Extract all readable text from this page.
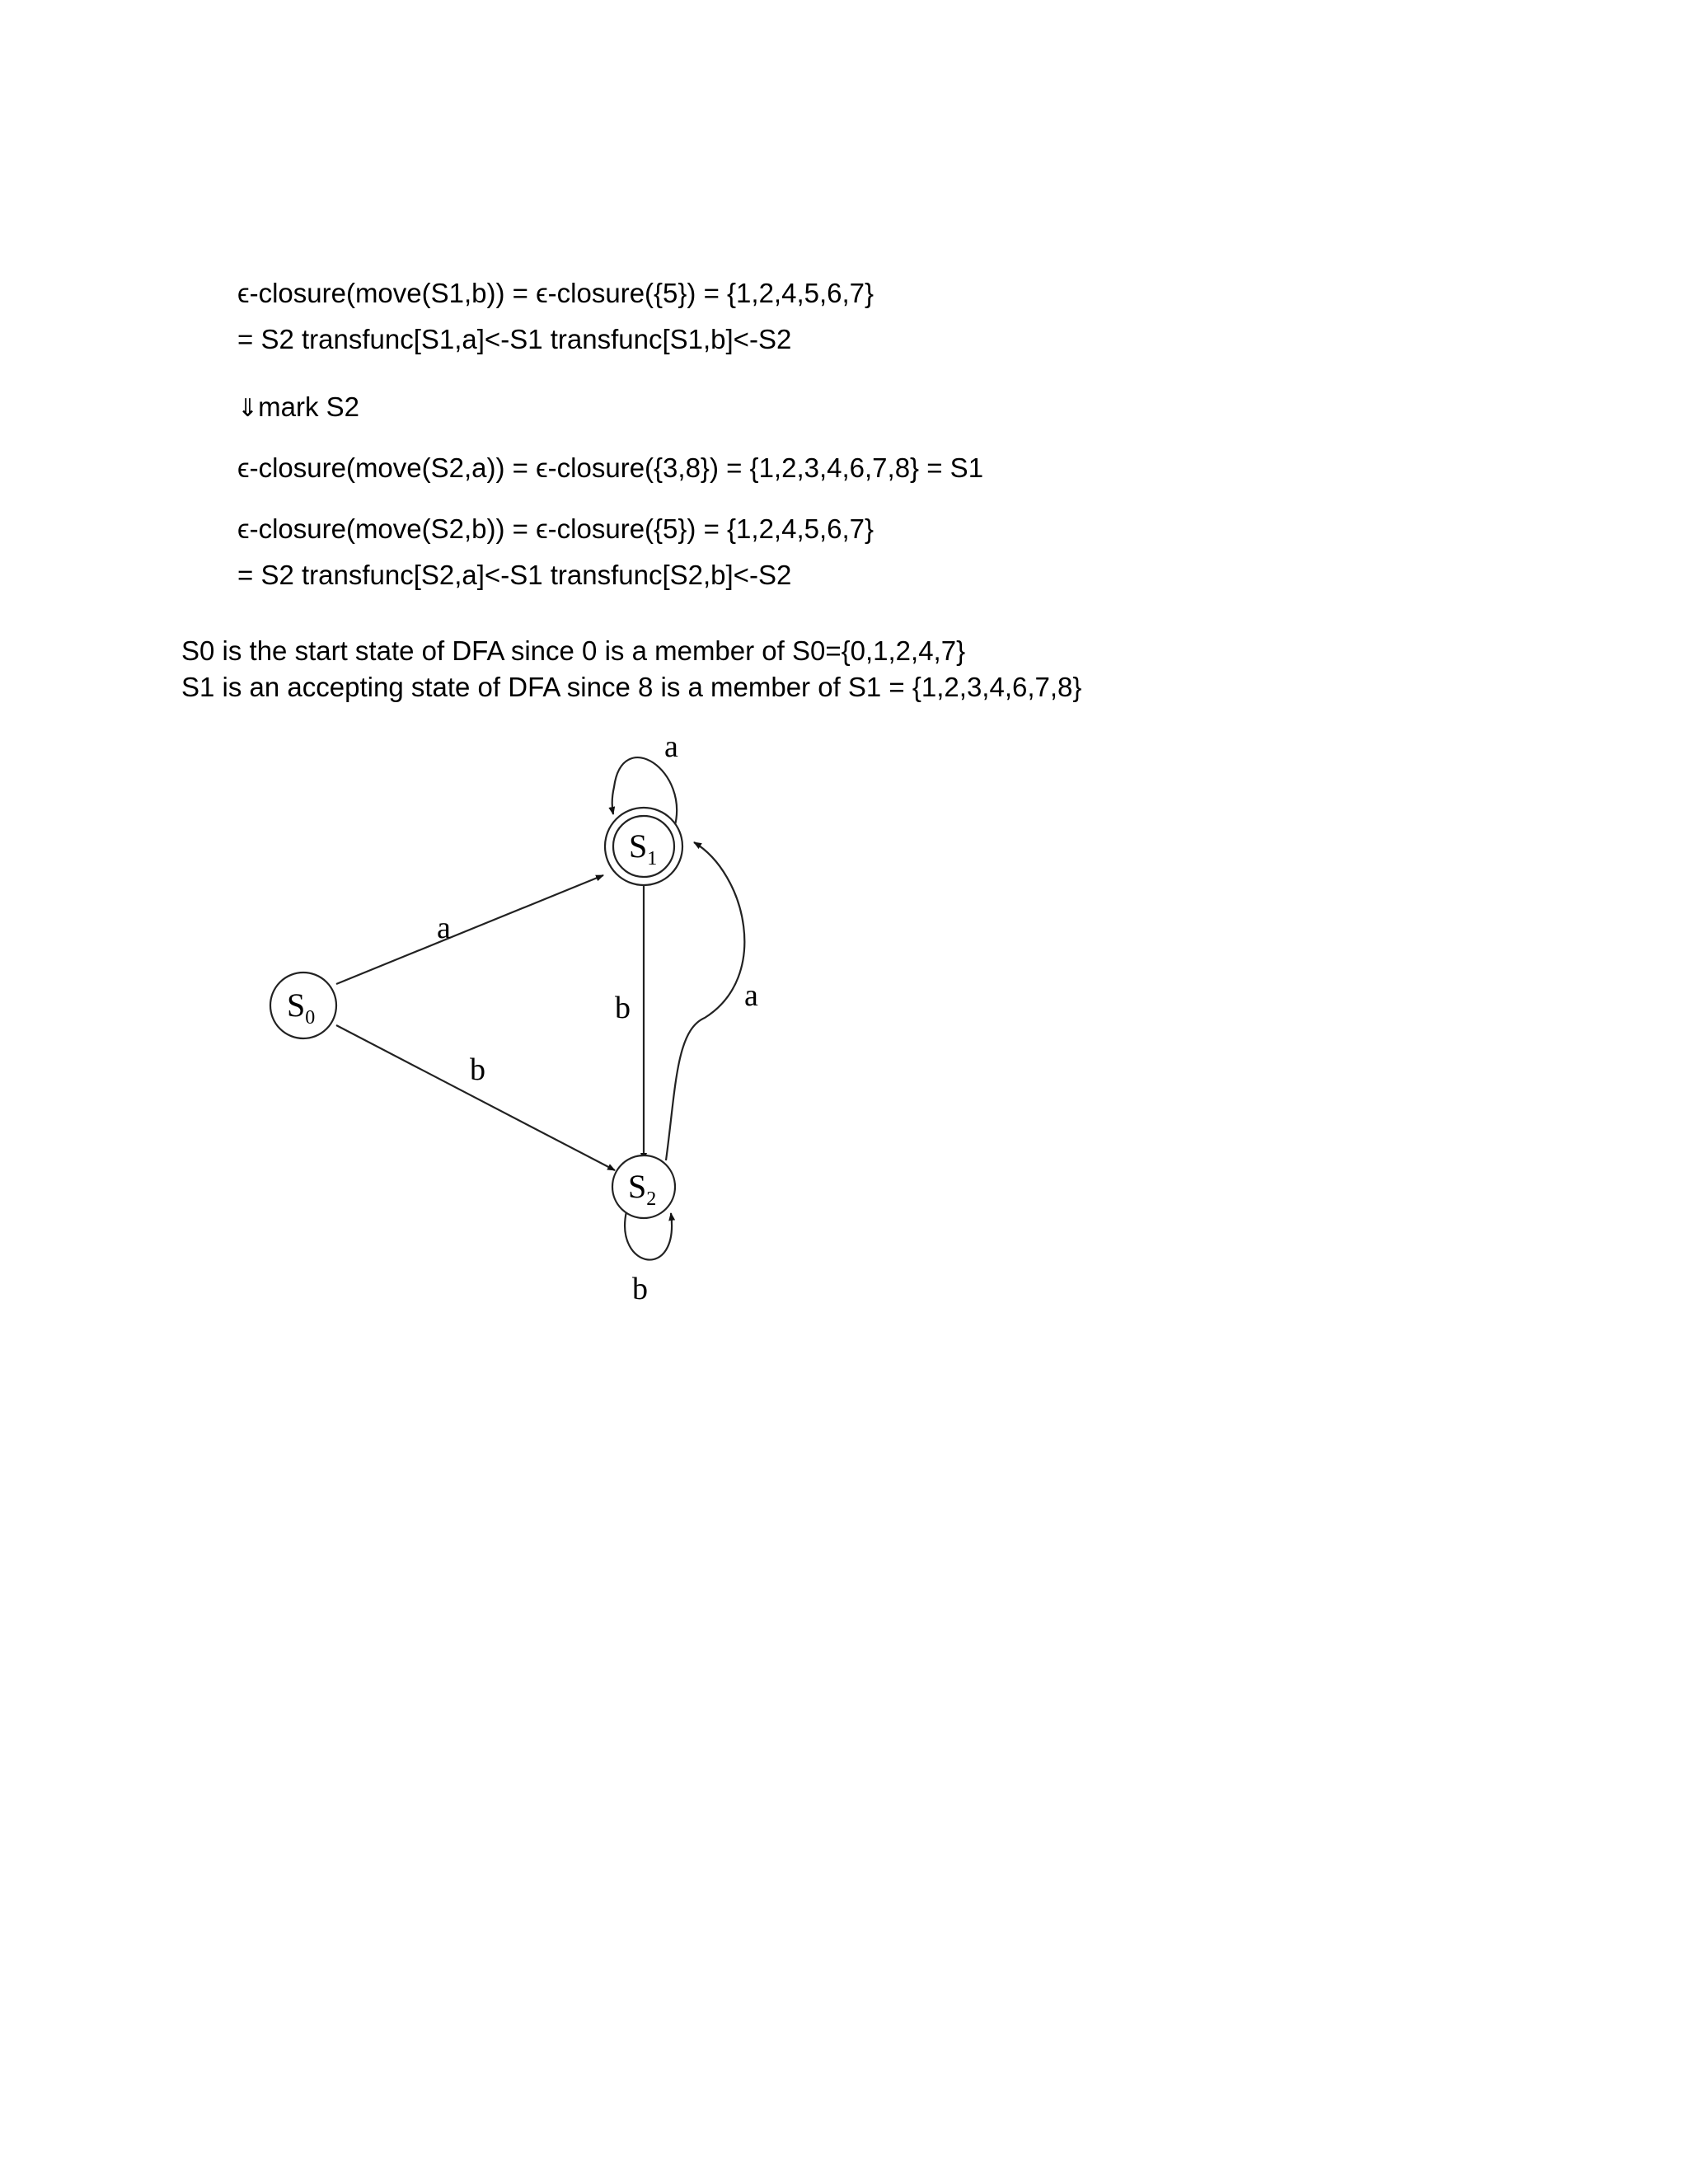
ϵ-closure(move(S1,b)) = ϵ-closure({5}) = {1,2,4,5,6,7}
= S2 transfunc[S1,a]<-S1 transfunc[S1,b]<-S2
⇓mark S2
ϵ-closure(move(S2,a)) = ϵ-closure({3,8}) = {1,2,3,4,6,7,8} = S1
ϵ-closure(move(S2,b)) = ϵ-closure({5}) = {1,2,4,5,6,7}
= S2 transfunc[S2,a]<-S1 transfunc[S2,b]<-S2
S0 is the start state of DFA since 0 is a member of S0={0,1,2,4,7}
S1 is an accepting state of DFA since 8 is a member of S1 = {1,2,3,4,6,7,8}
$S_0$
$S_1$
$S_2$
a
b
a
b	a
b
